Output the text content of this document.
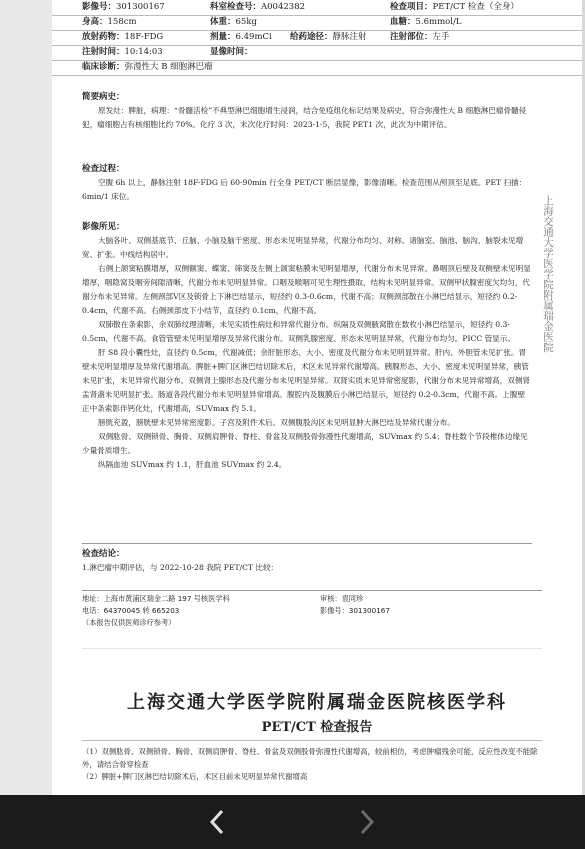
影像号：301300167	科室检查号：A0042382	检查项目：PET/CT 检查（全身）
身高：158cm	体重：65kg	血糖：5.6mmol/L
放射药物：18F-FDG	剂量：6.49mCi 给药途径：静脉注射	注射部位：左手
注射时间：10:14:03	显像时间：
临床诊断：弥漫性大 B 细胞淋巴瘤
简要病史：

原发灶：脾脏，病理：“骨髓活检”不典型淋巴细胞增生浸润，结合免疫组化标记结果及病史，符合弥漫性大 B 细胞淋巴瘤骨髓侵犯，瘤细胞占有核细胞比约 70%。化疗 3 次，末次化疗时间：2023-1-5，我院 PET1 次，此次为中期评估。

检查过程：

空腹 6h 以上，静脉注射 18F-FDG 后 60-90min 行全身 PET/CT 断层显像，影像清晰。检查范围从颅顶至足底。PET 扫描：6min/1 床位。

影像所见：

大脑各叶、双侧基底节、丘脑、小脑及脑干密度、形态未见明显异常，代谢分布均匀、对称。诸脑室、脑池、脑沟、脑裂未见增宽、扩张。中线结构居中。

右侧上颌窦粘膜增厚，双侧额窦、蝶窦、筛窦及左侧上颌窦粘膜未见明显增厚，代谢分布未见异常。鼻咽顶后壁及双侧壁未见明显增厚，咽隐窝及咽旁间隙清晰，代谢分布未见明显异常。口咽及喉咽可见生理性摄取，结构未见明显异常。双侧甲状腺密度欠均匀，代谢分布未见异常。左侧颈部Ⅴ区及锁骨上下淋巴结显示，短径约 0.3-0.6cm，代谢不高；双侧颈部散在小淋巴结显示，短径约 0.2-0.4cm，代谢不高。右侧颈部皮下小结节，直径约 0.1cm，代谢不高。

双肺散在条索影，余双肺纹理清晰，未见实质性病灶和异常代谢分布。纵隔及双侧腋窝散在数枚小淋巴结显示，短径约 0.3-0.5cm，代谢不高。食管管壁未见明显增厚及异常代谢分布。双侧乳腺密度、形态未见明显异常，代谢分布均匀。PICC 管显示。

肝 S8 段小囊性灶，直径约 0.5cm，代谢减低；余肝脏形态、大小、密度及代谢分布未见明显异常。肝内、外胆管未见扩张。胃壁未见明显增厚及异常代谢增高。脾脏+脾门区淋巴结切除术后，术区未见异常代谢增高。胰腺形态、大小、密度未见明显异常，胰管未见扩张，未见异常代谢分布。双侧肾上腺形态及代谢分布未见明显异常。双肾实质未见异常密度影，代谢分布未见异常增高，双侧肾盂肾盏未见明显扩张。肠道各段代谢分布未见明显异常增高。腹腔内及腹膜后小淋巴结显示，短径约 0.2-0.3cm，代谢不高。上腹壁正中条索影伴钙化灶，代谢增高，SUVmax 约 5.1。

膀胱充盈，膀胱壁未见异常密度影。子宫及附件术后。双侧腹股沟区未见明显肿大淋巴结及异常代谢分布。

双侧肱骨、双侧锁骨、胸骨、双侧肩胛骨、脊柱、骨盆及双侧股骨弥漫性代谢增高，SUVmax 约 5.4；脊柱数个节段椎体边缘见少量骨质增生。

纵隔血池 SUVmax 约 1.1，肝血池 SUVmax 约 2.4。

检查结论：

1.淋巴瘤中期评估，与 2022-10-28 我院 PET/CT 比较：

地址：上海市黄浦区瑞金二路 197 号核医学科	审核：袁同珍
电话：64370045 转 665203	影像号：301300167
（本报告仅供医师诊疗参考）
上海交通大学医学院附属瑞金医院
上海交通大学医学院附属瑞金医院核医学科
PET/CT 检查报告

（1）双侧肱骨、双侧锁骨、胸骨、双侧肩胛骨、脊柱、骨盆及双侧股骨弥漫性代谢增高，较前相仿，考虑肿瘤残余可能，反应性改变不能除外，请结合骨穿检查

（2）脾脏+脾门区淋巴结切除术后，术区目前未见明显异常代谢增高
